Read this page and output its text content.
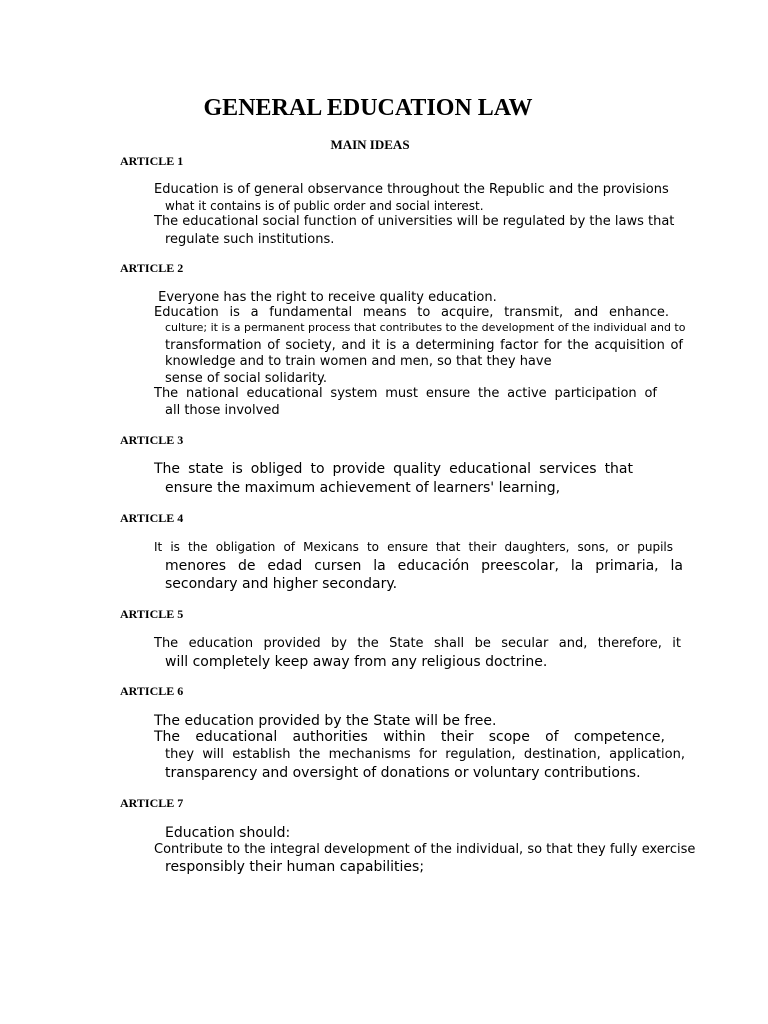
GENERAL EDUCATION LAW
MAIN IDEAS
ARTICLE 1
Education is of general observance throughout the Republic and the provisions
what it contains is of public order and social interest.
The educational social function of universities will be regulated by the laws that
regulate such institutions.
ARTICLE 2
Everyone has the right to receive quality education.
Education is a fundamental means to acquire, transmit, and enhance.
culture; it is a permanent process that contributes to the development of the individual and to
transformation of society, and it is a determining factor for the acquisition of
knowledge and to train women and men, so that they have
sense of social solidarity.
The national educational system must ensure the active participation of
all those involved
ARTICLE 3
The state is obliged to provide quality educational services that
ensure the maximum achievement of learners' learning,
ARTICLE 4
It is the obligation of Mexicans to ensure that their daughters, sons, or pupils
menores de edad cursen la educación preescolar, la primaria, la
secondary and higher secondary.
ARTICLE 5
The education provided by the State shall be secular and, therefore, it
will completely keep away from any religious doctrine.
ARTICLE 6
The education provided by the State will be free.
The educational authorities within their scope of competence,
they will establish the mechanisms for regulation, destination, application,
transparency and oversight of donations or voluntary contributions.
ARTICLE 7
Education should:
Contribute to the integral development of the individual, so that they fully exercise
responsibly their human capabilities;
